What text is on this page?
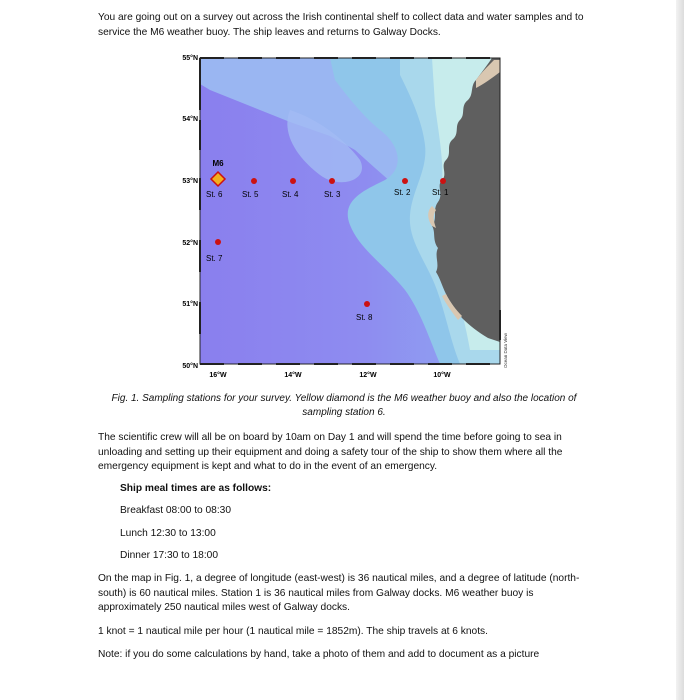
You are going out on a survey out across the Irish continental shelf to collect data and water samples and to service the M6 weather buoy. The ship leaves and returns to Galway Docks.
55°N
54°N
53°N
52°N
51°N
50°N
16°W	14°W	12°W	10°W
M6
St. 6 St. 5	St. 4	St. 3	St. 2	St. 1
St. 7
St. 8
Ocean Data View
Fig. 1. Sampling stations for your survey. Yellow diamond is the M6 weather buoy and also the location of sampling station 6.
The scientific crew will all be on board by 10am on Day 1 and will spend the time before going to sea in unloading and setting up their equipment and doing a safety tour of the ship to show them where all the emergency equipment is kept and what to do in the event of an emergency.
Ship meal times are as follows:
Breakfast 08:00 to 08:30
Lunch 12:30 to 13:00
Dinner 17:30 to 18:00
On the map in Fig. 1, a degree of longitude (east-west) is 36 nautical miles, and a degree of latitude (north-south) is 60 nautical miles. Station 1 is 36 nautical miles from Galway docks. M6 weather buoy is approximately 250 nautical miles west of Galway docks.
1 knot = 1 nautical mile per hour (1 nautical mile = 1852m). The ship travels at 6 knots.
Note: if you do some calculations by hand, take a photo of them and add to document as a picture
